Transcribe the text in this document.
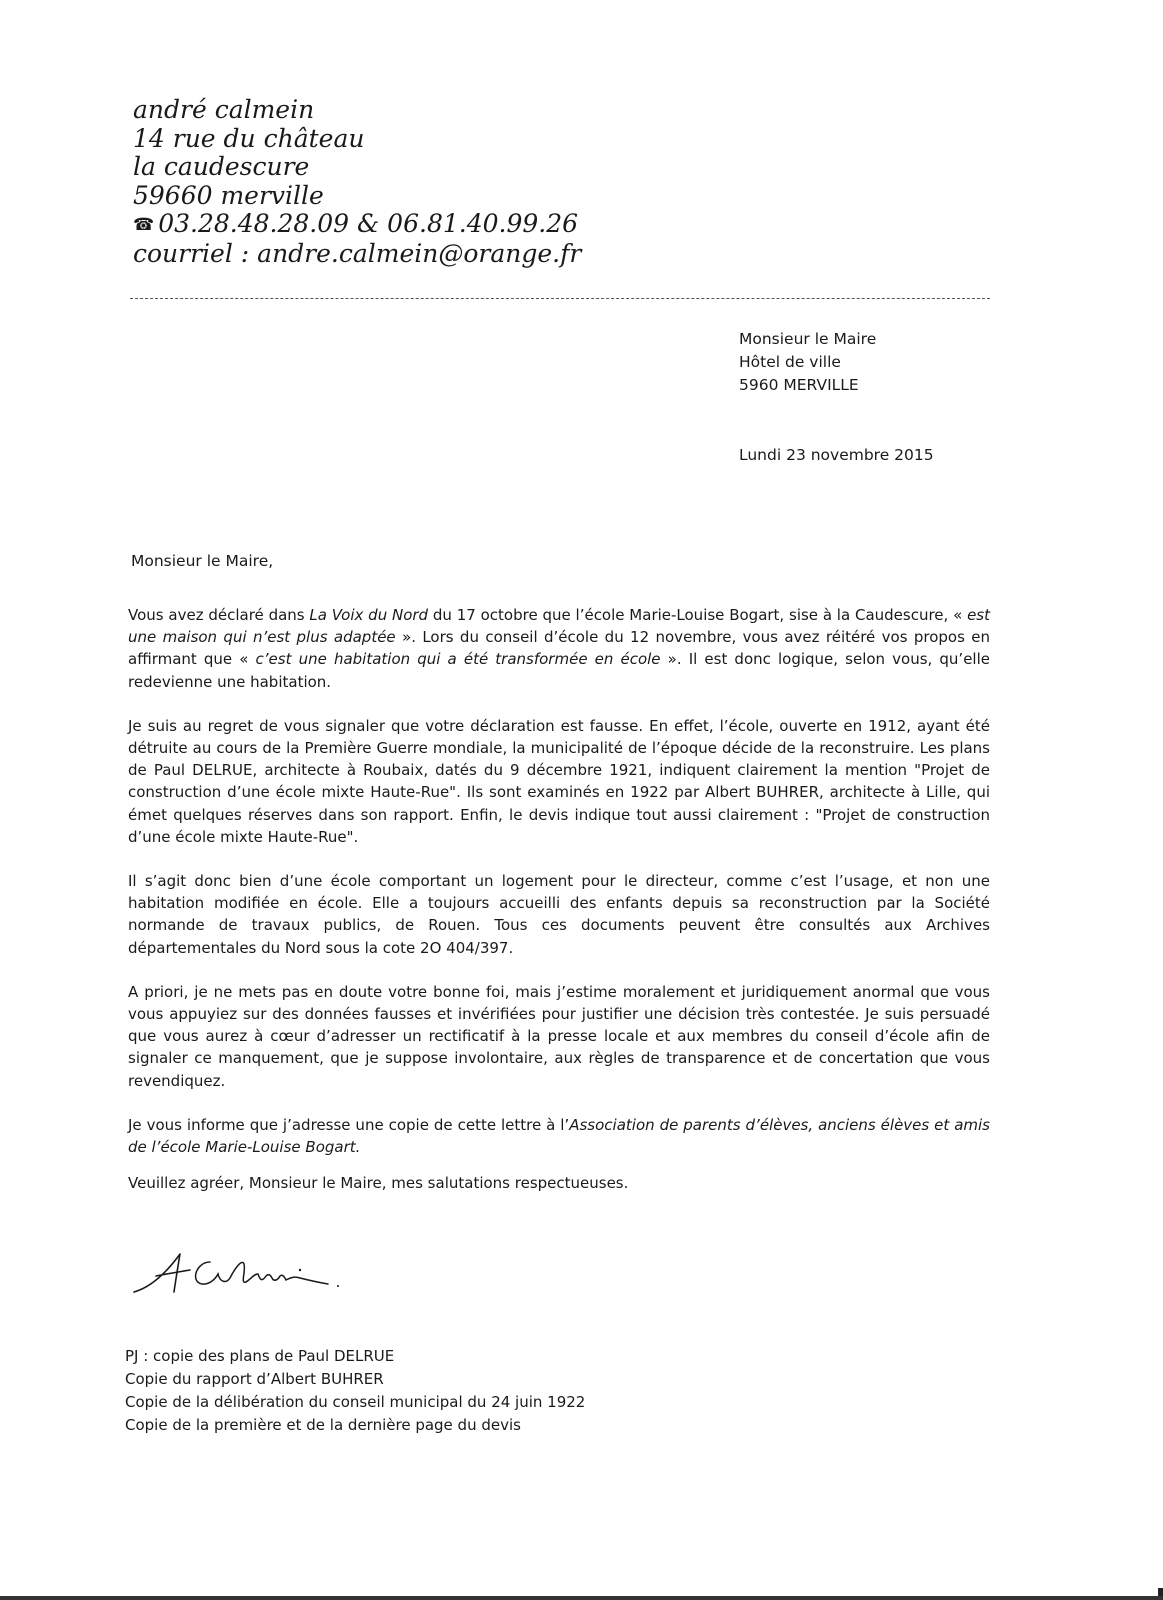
andré calmein
14 rue du château
la caudescure
59660 merville
☎ 03.28.48.28.09 & 06.81.40.99.26
courriel : andre.calmein@orange.fr
Monsieur le Maire
Hôtel de ville
5960 MERVILLE
Lundi 23 novembre 2015
Monsieur le Maire,

Vous avez déclaré dans La Voix du Nord du 17 octobre que l’école Marie-Louise Bogart, sise à la Caudescure, « est une maison qui n’est plus adaptée ». Lors du conseil d’école du 12 novembre, vous avez réitéré vos propos en affirmant que « c’est une habitation qui a été transformée en école ». Il est donc logique, selon vous, qu’elle redevienne une habitation.

Je suis au regret de vous signaler que votre déclaration est fausse. En effet, l’école, ouverte en 1912, ayant été détruite au cours de la Première Guerre mondiale, la municipalité de l’époque décide de la reconstruire. Les plans de Paul DELRUE, architecte à Roubaix, datés du 9 décembre 1921, indiquent clairement la mention "Projet de construction d’une école mixte Haute-Rue". Ils sont examinés en 1922 par Albert BUHRER, architecte à Lille, qui émet quelques réserves dans son rapport. Enfin, le devis indique tout aussi clairement : "Projet de construction d’une école mixte Haute-Rue".

Il s’agit donc bien d’une école comportant un logement pour le directeur, comme c’est l’usage, et non une habitation modifiée en école. Elle a toujours accueilli des enfants depuis sa reconstruction par la Société normande de travaux publics, de Rouen. Tous ces documents peuvent être consultés aux Archives départementales du Nord sous la cote 2O 404/397.

A priori, je ne mets pas en doute votre bonne foi, mais j’estime moralement et juridiquement anormal que vous vous appuyiez sur des données fausses et invérifiées pour justifier une décision très contestée. Je suis persuadé que vous aurez à cœur d’adresser un rectificatif à la presse locale et aux membres du conseil d’école afin de signaler ce manquement, que je suppose involontaire, aux règles de transparence et de concertation que vous revendiquez.

Je vous informe que j’adresse une copie de cette lettre à l’Association de parents d’élèves, anciens élèves et amis de l’école Marie-Louise Bogart.

Veuillez agréer, Monsieur le Maire, mes salutations respectueuses.

PJ : copie des plans de Paul DELRUE
Copie du rapport d’Albert BUHRER
Copie de la délibération du conseil municipal du 24 juin 1922
Copie de la première et de la dernière page du devis
